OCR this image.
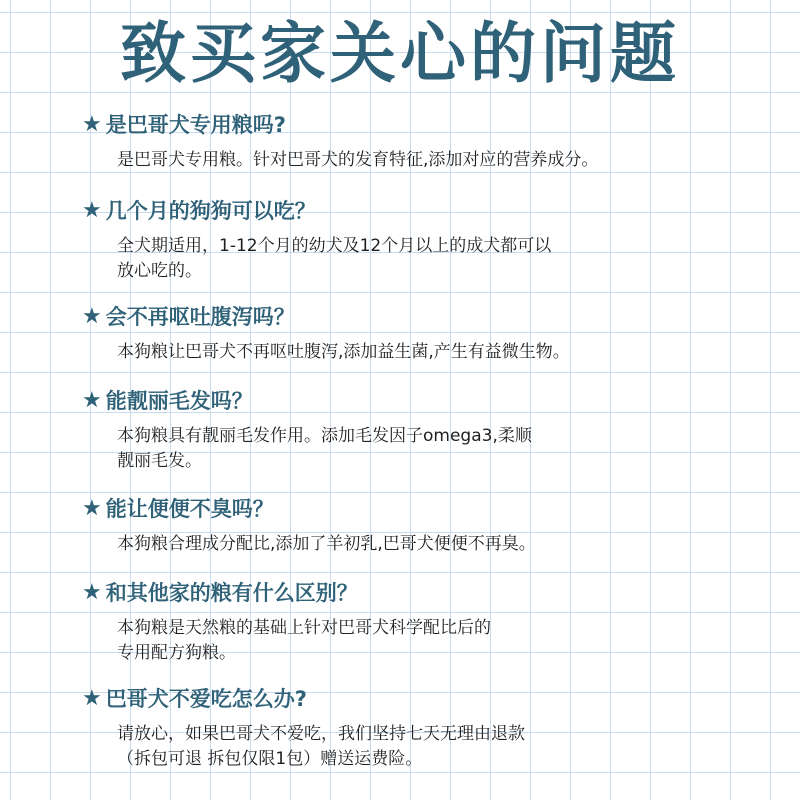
致买家关心的问题
★ 是巴哥犬专用粮吗?
是巴哥犬专用粮。针对巴哥犬的发育特征,添加对应的营养成分。
★ 几个月的狗狗可以吃？
全犬期适用，1-12个月的幼犬及12个月以上的成犬都可以
放心吃的。
★ 会不再呕吐腹泻吗？
本狗粮让巴哥犬不再呕吐腹泻,添加益生菌,产生有益微生物。
★ 能靓丽毛发吗？
本狗粮具有靓丽毛发作用。添加毛发因子omega3,柔顺
靓丽毛发。
★ 能让便便不臭吗？
本狗粮合理成分配比,添加了羊初乳,巴哥犬便便不再臭。
★ 和其他家的粮有什么区别？
本狗粮是天然粮的基础上针对巴哥犬科学配比后的
专用配方狗粮。
★ 巴哥犬不爱吃怎么办?
请放心，如果巴哥犬不爱吃，我们坚持七天无理由退款
（拆包可退 拆包仅限1包）赠送运费险。
